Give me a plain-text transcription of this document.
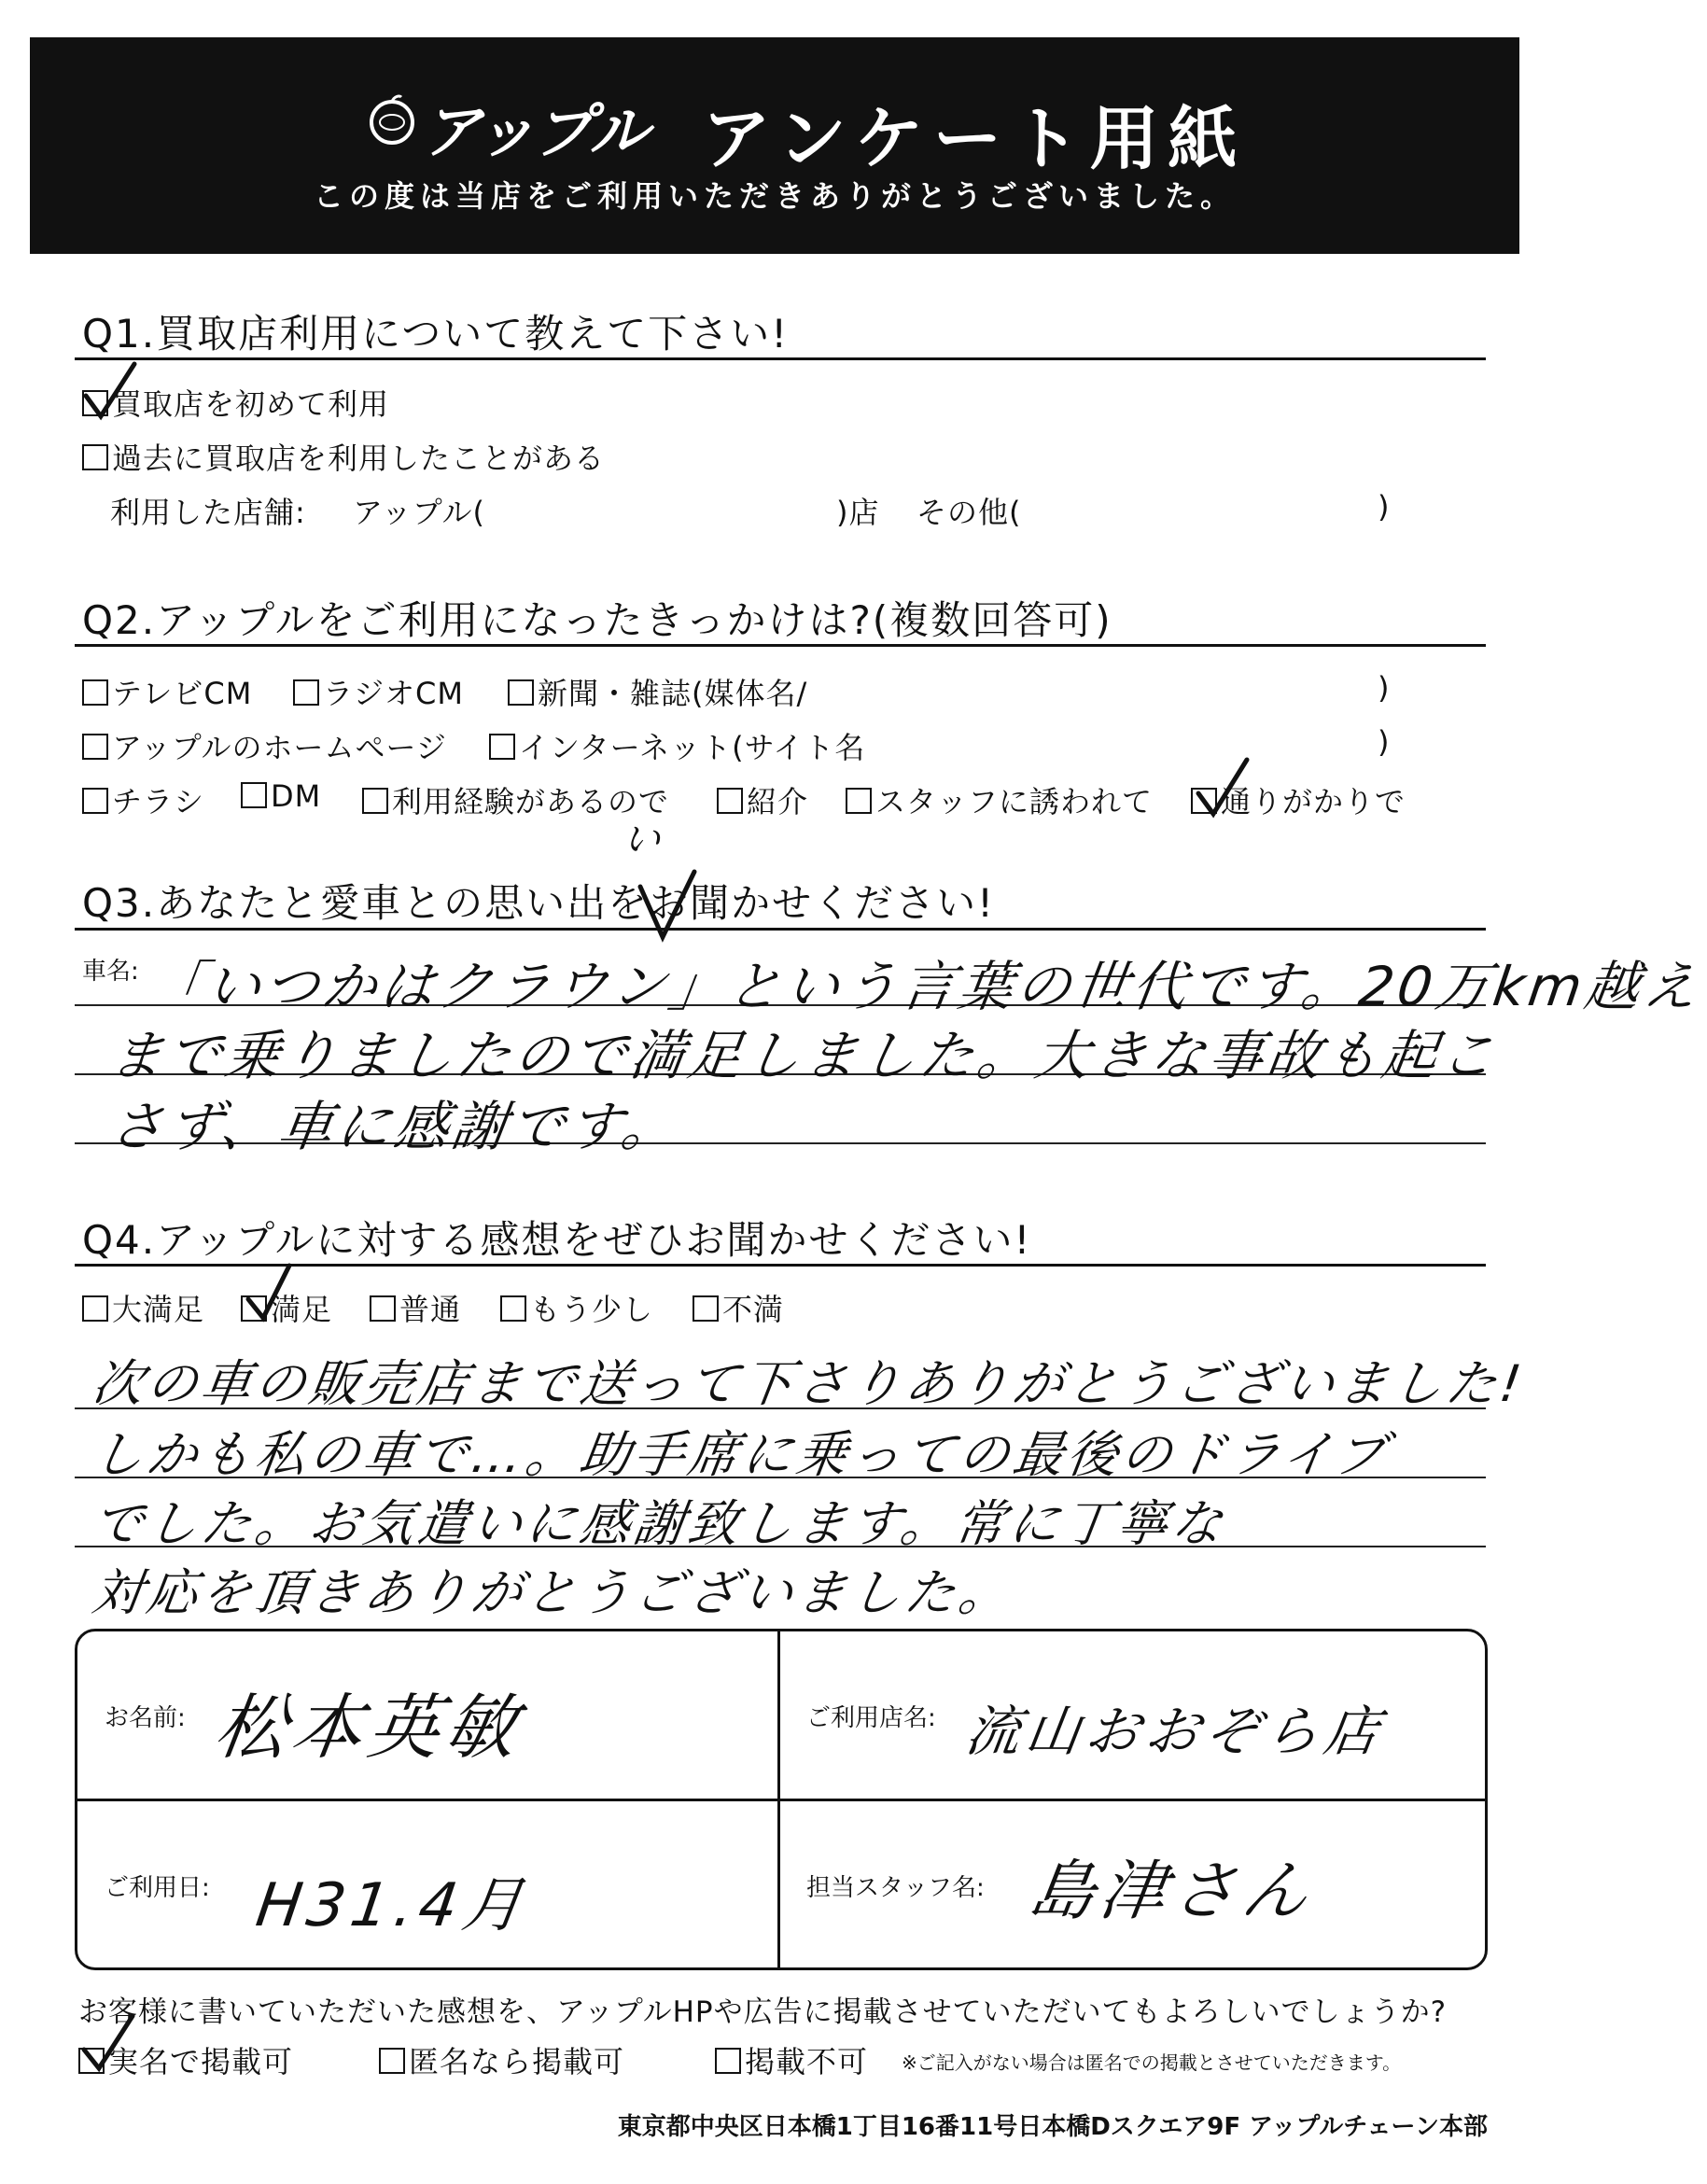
アップル アンケート用紙
この度は当店をご利用いただきありがとうございました。
Q1.買取店利用について教えて下さい!
買取店を初めて利用
過去に買取店を利用したことがある
利用した店舗: アップル(	)店 その他(	)
Q2.アップルをご利用になったきっかけは?(複数回答可)
テレビCM	ラジオCM	新聞・雑誌(媒体名/	)
アップルのホームページ	インターネット(サイト名	)
チラシ	DM	利用経験があるので	紹介	スタッフに誘われて	通りがかりで
い
Q3.あなたと愛車との思い出をお聞かせください!
車名: 「いつかはクラウン」という言葉の世代です。20万km越え
まで乗りましたので満足しました。大きな事故も起こ
さず、車に感謝です。
Q4.アップルに対する感想をぜひお聞かせください!
大満足	満足	普通	もう少し	不満
次の車の販売店まで送って下さりありがとうございました!
しかも私の車で…。助手席に乗っての最後のドライブ
でした。お気遣いに感謝致します。常に丁寧な
対応を頂きありがとうございました。
お名前: 松本英敏	ご利用店名: 流山おおぞら店
ご利用日: H31.4月	担当スタッフ名: 島津さん
お客様に書いていただいた感想を、アップルHPや広告に掲載させていただいてもよろしいでしょうか?
実名で掲載可	匿名なら掲載可	掲載不可 ※ご記入がない場合は匿名での掲載とさせていただきます。
東京都中央区日本橋1丁目16番11号日本橋Dスクエア9F アップルチェーン本部
